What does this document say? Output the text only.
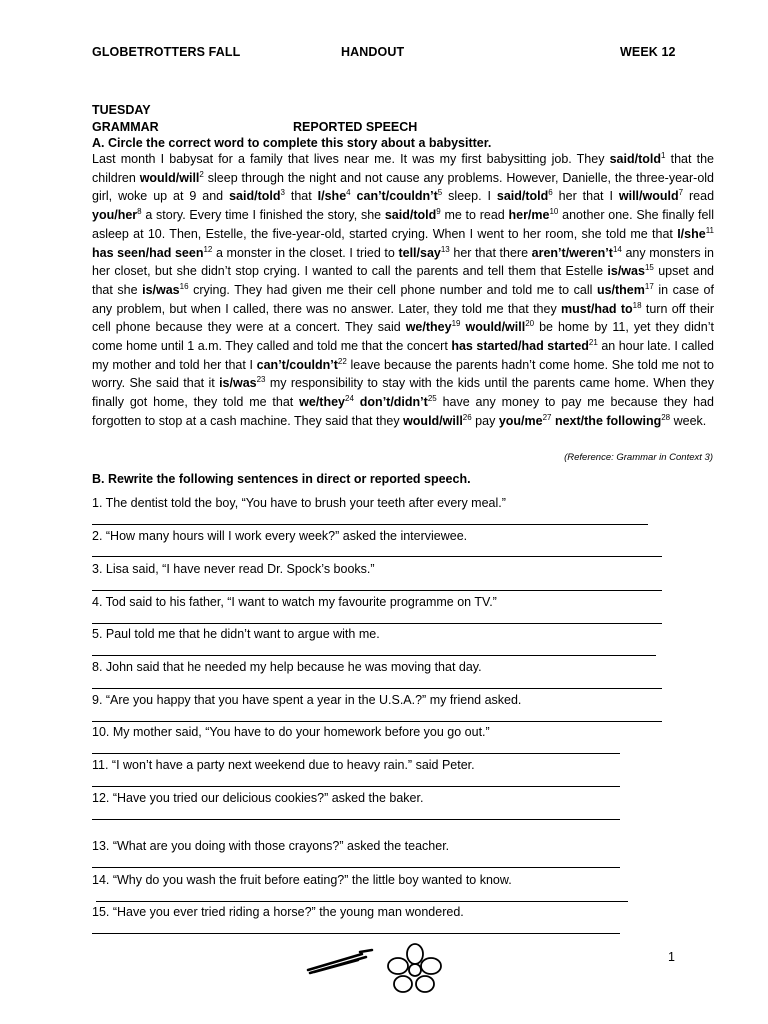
GLOBETROTTERS FALL	HANDOUT	WEEK 12
TUESDAY
GRAMMAR	REPORTED SPEECH
A. Circle the correct word to complete this story about a babysitter.
Last month I babysat for a family that lives near me. It was my first babysitting job. They said/told$^1$ that the children would/will$^2$ sleep through the night and not cause any problems. However, Danielle, the three-year-old girl, woke up at 9 and said/told$^3$ that I/she$^4$ $can’t/couldn’t^5$ sleep. I said/told$^6$ her that I will/would$^7$ read you/her$^8$ a story. Every time I finished the story, she said/told$^9$ me to read her/$me^{10}$ another one. She finally fell asleep at 10. Then, Estelle, the five-year-old, started crying. When I went to her room, she told me that I/she$^{11}$ has seen/had seen$^{12}$ a monster in the closet. I tried to tell/say$^{13}$ her that there $aren’t/weren’t^{14}$ any monsters in her closet, but she didn’t stop crying. I wanted to call the parents and tell them that Estelle is/was$^{15}$ upset and that she is/was$^{16}$ crying. They had given me their cell phone number and told me to call us/them$^{17}$ in case of any problem, but when I called, there was no answer. Later, they told me that they must/had $to^{18}$ turn off their cell phone because they were at a concert. They said we/they$^{19}$ would/will$^{20}$ be home by 11, yet they didn’t come home until 1 a.m. They called and told me that the concert has started/had started$^{21}$ an hour late. I called my mother and told her that I $can’t/couldn’t^{22}$ leave because the parents hadn’t come home. She told me not to worry. She said that it is/was$^{23}$ my responsibility to stay with the kids until the parents came home. When they finally got home, they told me that we/they$^{24}$ $don’t/didn’t^{25}$ have any money to pay me because they had forgotten to stop at a cash machine. They said that they would/will$^{26}$ pay you/$me^{27}$ next/the following$^{28}$ week.
(Reference: Grammar in Context 3)
B. Rewrite the following sentences in direct or reported speech.
1. The dentist told the boy, “You have to brush your teeth after every meal.”
2. “How many hours will I work every week?” asked the interviewee.
3. Lisa said, “I have never read Dr. Spock’s books.”
4. Tod said to his father, “I want to watch my favourite programme on TV.”
5. Paul told me that he didn’t want to argue with me.
8. John said that he needed my help because he was moving that day.
9. “Are you happy that you have spent a year in the U.S.A.?” my friend asked.
10. My mother said, “You have to do your homework before you go out.”
11. “I won’t have a party next weekend due to heavy rain.” said Peter.
12. “Have you tried our delicious cookies?” asked the baker.
13. “What are you doing with those crayons?” asked the teacher.
14. “Why do you wash the fruit before eating?” the little boy wanted to know.
15. “Have you ever tried riding a horse?” the young man wondered.
1
